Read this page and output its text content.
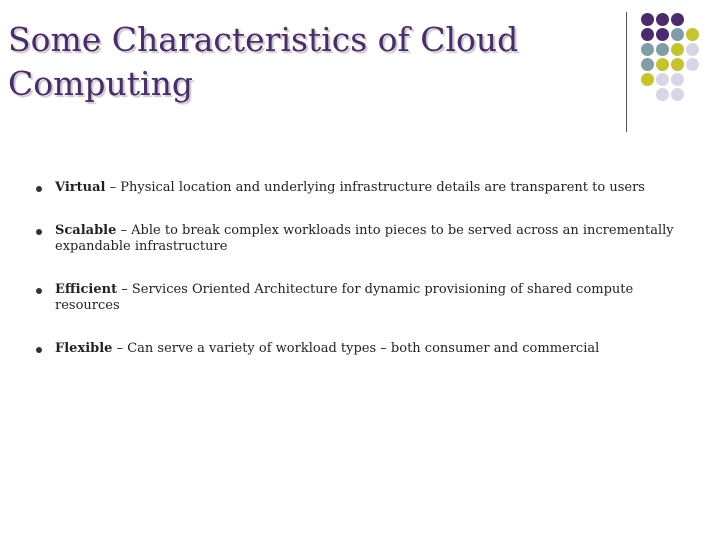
Some Characteristics of Cloud Computing
Virtual – Physical location and underlying infrastructure details are transparent to users
Scalable – Able to break complex workloads into pieces to be served across an incrementally expandable infrastructure
Efficient – Services Oriented Architecture for dynamic provisioning of shared compute resources
Flexible – Can serve a variety of workload types – both consumer and commercial
